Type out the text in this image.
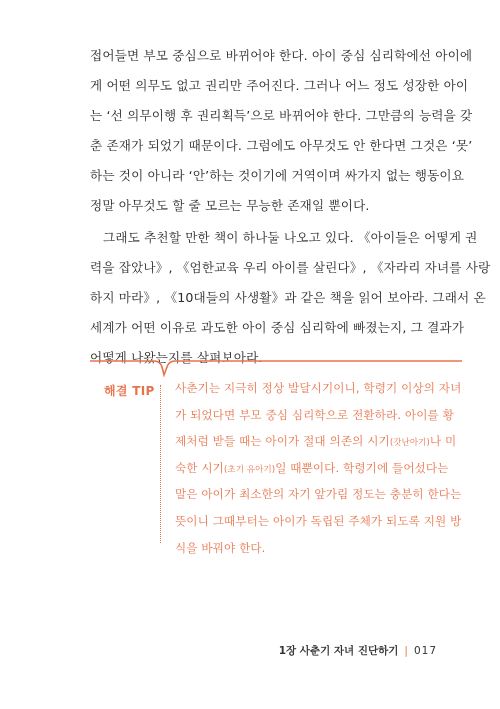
접어들면 부모 중심으로 바뀌어야 한다. 아이 중심 심리학에선 아이에
게 어떤 의무도 없고 권리만 주어진다. 그러나 어느 정도 성장한 아이
는 ‘선 의무이행 후 권리획득’으로 바뀌어야 한다. 그만큼의 능력을 갖
춘 존재가 되었기 때문이다. 그럼에도 아무것도 안 한다면 그것은 ‘못’
하는 것이 아니라 ‘안’하는 것이기에 거역이며 싸가지 없는 행동이요
정말 아무것도 할 줄 모르는 무능한 존재일 뿐이다.

그래도 추천할 만한 책이 하나둘 나오고 있다. 《아이들은 어떻게 권
력을 잡았나》, 《엄한교육 우리 아이를 살린다》, 《자라리 자녀를 사랑
하지 마라》, 《10대들의 사생활》과 같은 책을 읽어 보아라. 그래서 온
세계가 어떤 이유로 과도한 아이 중심 심리학에 빠졌는지, 그 결과가
어떻게 나왔는지를 살펴보아라.

해결 TIP 사춘기는 지극히 정상 발달시기이니, 학령기 이상의 자녀
가 되었다면 부모 중심 심리학으로 전환하라. 아이를 황
제처럼 받들 때는 아이가 절대 의존의 시기(갓난아기)나 미
숙한 시기(초기 유아기)일 때뿐이다. 학령기에 들어섰다는
말은 아이가 최소한의 자기 앞가림 정도는 충분히 한다는
뜻이니 그때부터는 아이가 독립된 주체가 되도록 지원 방
식을 바꿔야 한다.
1장 사춘기 자녀 진단하기 | 017
